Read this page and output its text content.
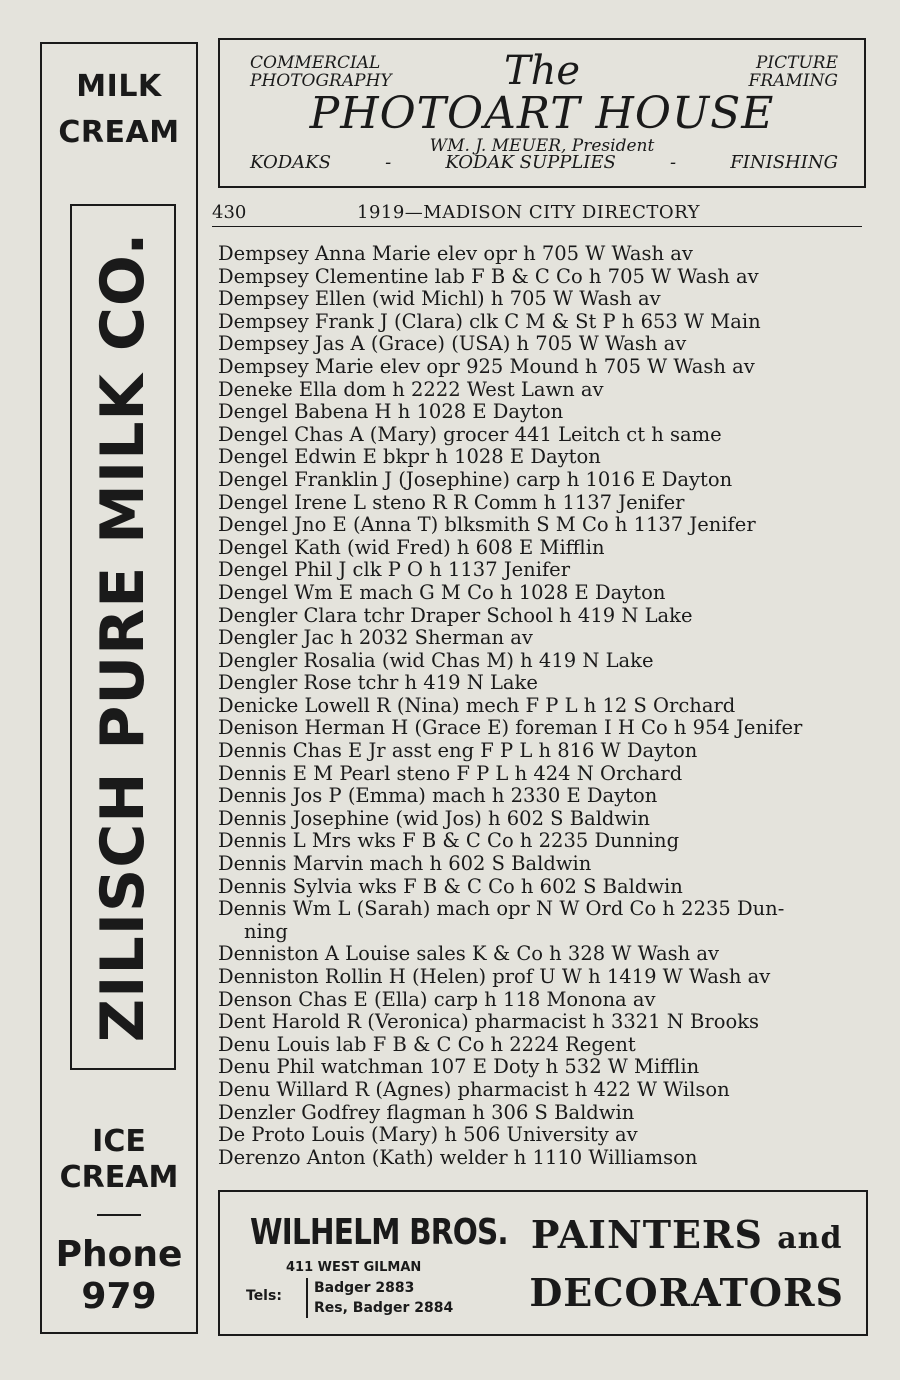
MILK
CREAM
ZILISCH PURE MILK CO.
ICE
CREAM
Phone
979
COMMERCIAL
PHOTOGRAPHY	The	PICTURE
FRAMING
PHOTOART HOUSE
WM. J. MEUER, President
KODAKS	-	KODAK SUPPLIES	-	FINISHING
430	1919—MADISON CITY DIRECTORY
Dempsey Anna Marie elev opr h 705 W Wash av
Dempsey Clementine lab F B & C Co h 705 W Wash av
Dempsey Ellen (wid Michl) h 705 W Wash av
Dempsey Frank J (Clara) clk C M & St P h 653 W Main
Dempsey Jas A (Grace) (USA) h 705 W Wash av
Dempsey Marie elev opr 925 Mound h 705 W Wash av
Deneke Ella dom h 2222 West Lawn av
Dengel Babena H h 1028 E Dayton
Dengel Chas A (Mary) grocer 441 Leitch ct h same
Dengel Edwin E bkpr h 1028 E Dayton
Dengel Franklin J (Josephine) carp h 1016 E Dayton
Dengel Irene L steno R R Comm h 1137 Jenifer
Dengel Jno E (Anna T) blksmith S M Co h 1137 Jenifer
Dengel Kath (wid Fred) h 608 E Mifflin
Dengel Phil J clk P O h 1137 Jenifer
Dengel Wm E mach G M Co h 1028 E Dayton
Dengler Clara tchr Draper School h 419 N Lake
Dengler Jac h 2032 Sherman av
Dengler Rosalia (wid Chas M) h 419 N Lake
Dengler Rose tchr h 419 N Lake
Denicke Lowell R (Nina) mech F P L h 12 S Orchard
Denison Herman H (Grace E) foreman I H Co h 954 Jenifer
Dennis Chas E Jr asst eng F P L h 816 W Dayton
Dennis E M Pearl steno F P L h 424 N Orchard
Dennis Jos P (Emma) mach h 2330 E Dayton
Dennis Josephine (wid Jos) h 602 S Baldwin
Dennis L Mrs wks F B & C Co h 2235 Dunning
Dennis Marvin mach h 602 S Baldwin
Dennis Sylvia wks F B & C Co h 602 S Baldwin
Dennis Wm L (Sarah) mach opr N W Ord Co h 2235 Dun-
ning
Denniston A Louise sales K & Co h 328 W Wash av
Denniston Rollin H (Helen) prof U W h 1419 W Wash av
Denson Chas E (Ella) carp h 118 Monona av
Dent Harold R (Veronica) pharmacist h 3321 N Brooks
Denu Louis lab F B & C Co h 2224 Regent
Denu Phil watchman 107 E Doty h 532 W Mifflin
Denu Willard R (Agnes) pharmacist h 422 W Wilson
Denzler Godfrey flagman h 306 S Baldwin
De Proto Louis (Mary) h 506 University av
Derenzo Anton (Kath) welder h 1110 Williamson
WILHELM BROS.
411 WEST GILMAN
Tels: Badger 2883
Res, Badger 2884
PAINTERS and
DECORATORS
